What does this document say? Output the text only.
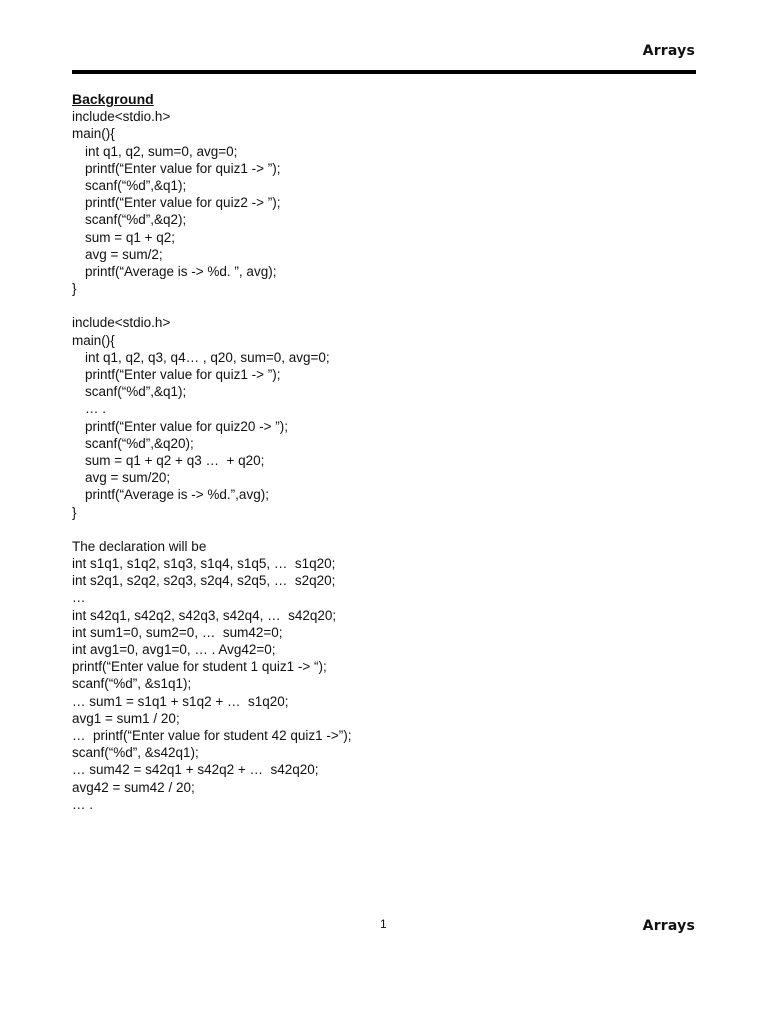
Arrays
Background
include<stdio.h>
main(){
int q1, q2, sum=0, avg=0;
printf(“Enter value for quiz1 -> ”);
scanf(“%d”,&q1);
printf(“Enter value for quiz2 -> ”);
scanf(“%d”,&q2);
sum = q1 + q2;
avg = sum/2;
printf(“Average is -> %d. ”, avg);
}
include<stdio.h>
main(){
int q1, q2, q3, q4… , q20, sum=0, avg=0;
printf(“Enter value for quiz1 -> ”);
scanf(“%d”,&q1);
… .
printf(“Enter value for quiz20 -> ”);
scanf(“%d”,&q20);
sum = q1 + q2 + q3 …  + q20;
avg = sum/20;
printf(“Average is -> %d.”,avg);
}
The declaration will be
int s1q1, s1q2, s1q3, s1q4, s1q5, …  s1q20;
int s2q1, s2q2, s2q3, s2q4, s2q5, …  s2q20;
…
int s42q1, s42q2, s42q3, s42q4, …  s42q20;
int sum1=0, sum2=0, …  sum42=0;
int avg1=0, avg1=0, … . Avg42=0;
printf(“Enter value for student 1 quiz1 -> “);
scanf(“%d”, &s1q1);
… sum1 = s1q1 + s1q2 + …  s1q20;
avg1 = sum1 / 20;
…  printf(“Enter value for student 42 quiz1 ->”);
scanf(“%d”, &s42q1);
… sum42 = s42q1 + s42q2 + …  s42q20;
avg42 = sum42 / 20;
… .
1	Arrays
